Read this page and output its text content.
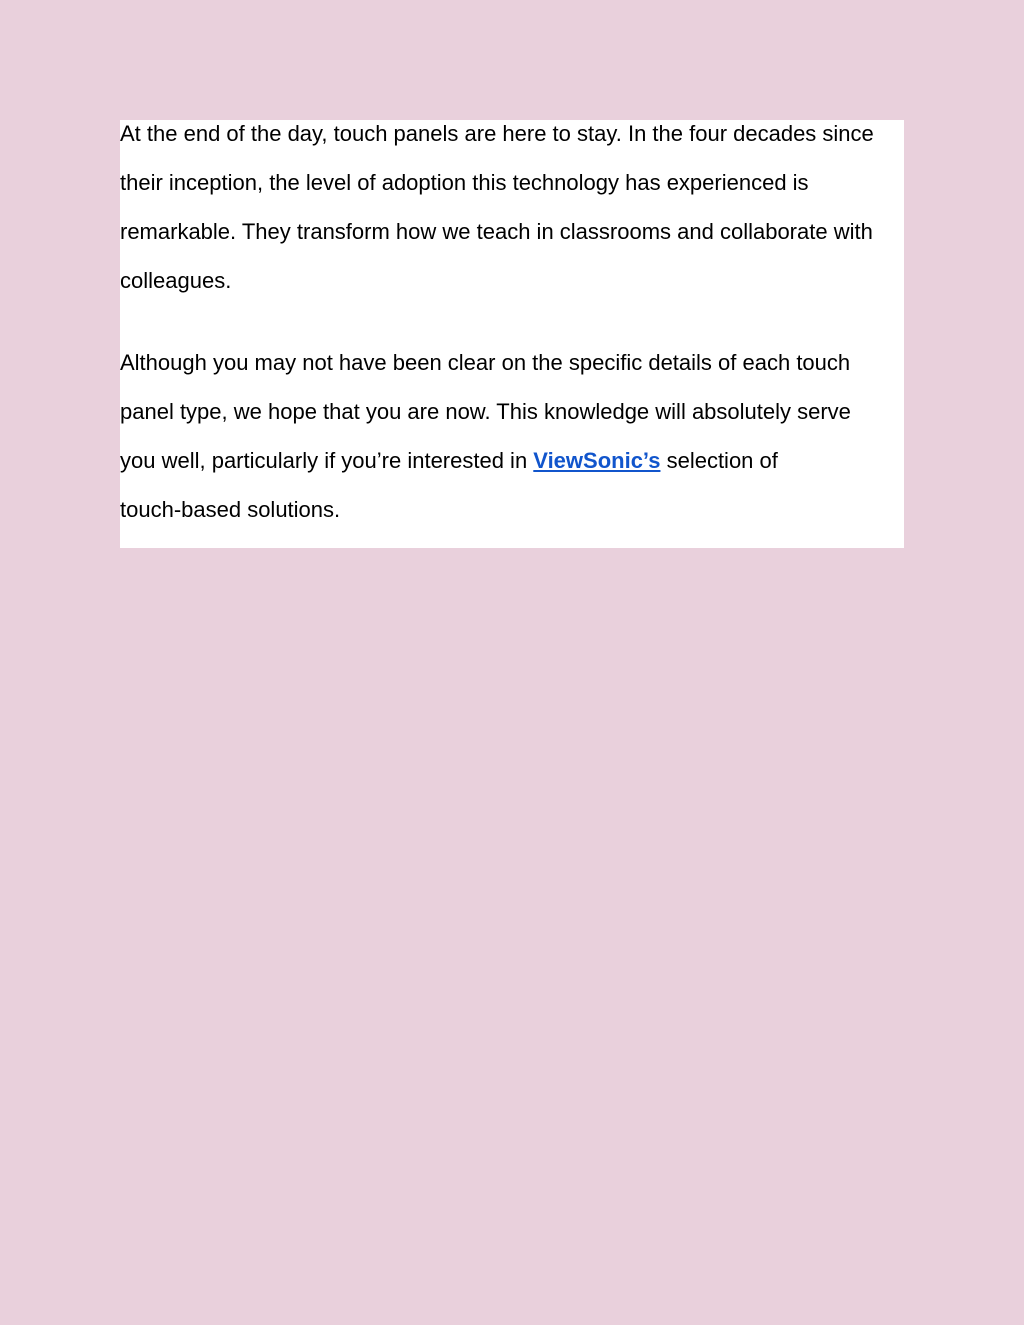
At the end of the day, touch panels are here to stay. In the four decades since
their inception, the level of adoption this technology has experienced is
remarkable. They transform how we teach in classrooms and collaborate with
colleagues.

Although you may not have been clear on the specific details of each touch
panel type, we hope that you are now. This knowledge will absolutely serve
you well, particularly if you’re interested in ViewSonic’s selection of
touch-based solutions.
